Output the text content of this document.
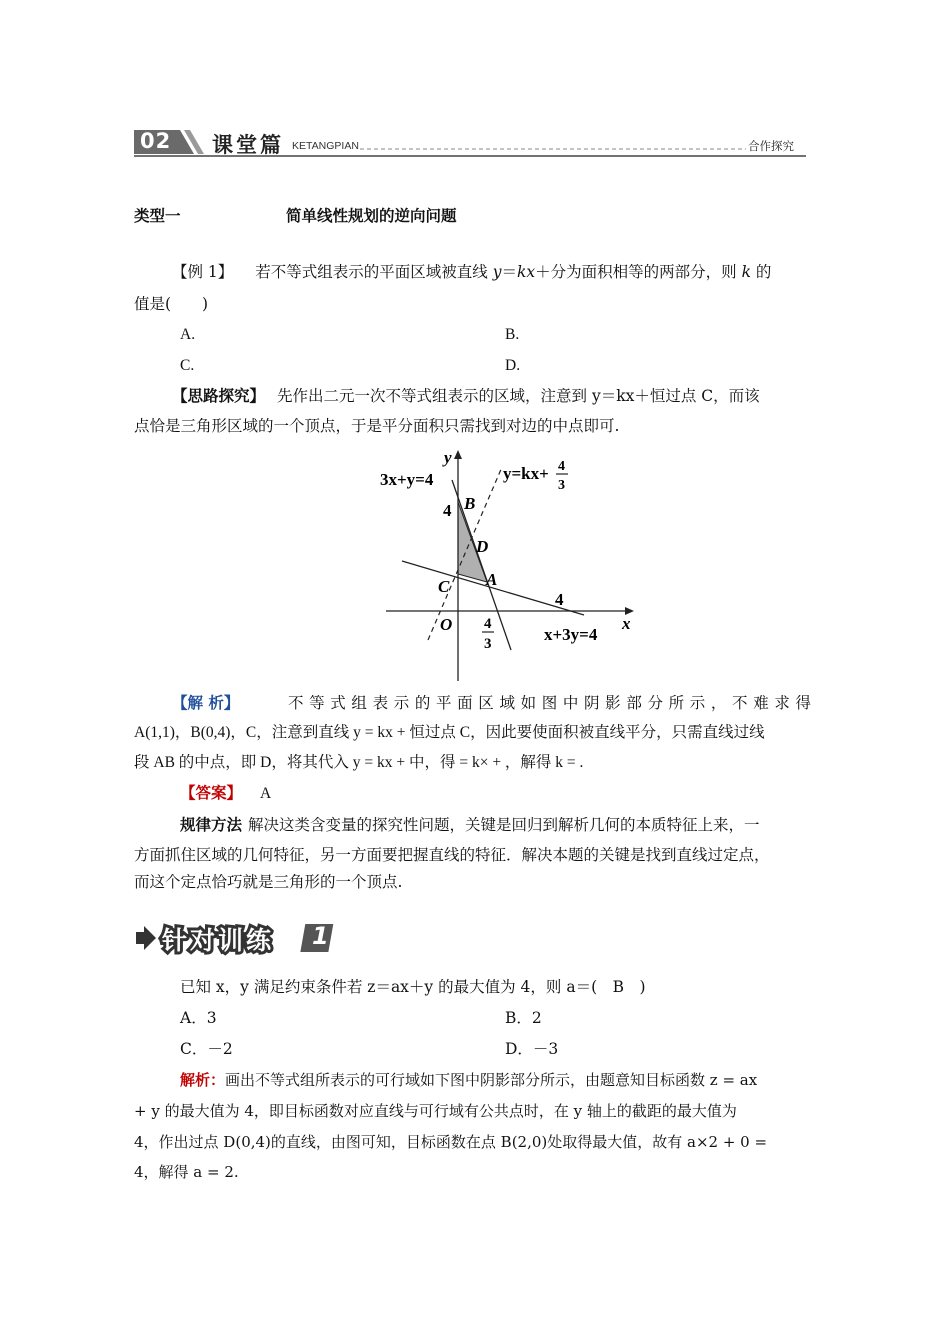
02 课堂篇 KETANGPIAN	合作探究
类型一	简单线性规划的逆向问题
【例 1】 若不等式组表示的平面区域被直线 y＝kx＋分为面积相等的两部分，则 k 的
值是(　　)
A.	B.
C.	D.
【思路探究】 先作出二元一次不等式组表示的区域，注意到 y＝kx＋恒过点 C，而该
点恰是三角形区域的一个顶点，于是平分面积只需找到对边的中点即可.
3x+y=4	y=kx+ 4
3
y
B
4
D
A
C
4
O 4
3
x
x+3y=4
【解 析】	不等式组表示的平面区域如图中阴影部分所示，不难求得
A(1,1)，B(0,4)，C，注意到直线 y = kx + 恒过点 C，因此要使面积被直线平分，只需直线过线
段 AB 的中点，即 D，将其代入 y = kx + 中，得 = k× + ，解得 k = .
【答案】 A
规律方法 解决这类含变量的探究性问题，关键是回归到解析几何的本质特征上来，一
方面抓住区域的几何特征，另一方面要把握直线的特征．解决本题的关键是找到直线过定点，
而这个定点恰巧就是三角形的一个顶点.
针对训练 1
已知 x，y 满足约束条件若 z＝ax＋y 的最大值为 4，则 a＝(　B　)
A．3	B．2
C．－2	D．－3
解析：画出不等式组所表示的可行域如下图中阴影部分所示，由题意知目标函数 z = ax
+ y 的最大值为 4，即目标函数对应直线与可行域有公共点时，在 y 轴上的截距的最大值为
4，作出过点 D(0,4)的直线，由图可知，目标函数在点 B(2,0)处取得最大值，故有 a×2 + 0 =
4，解得 a = 2.
